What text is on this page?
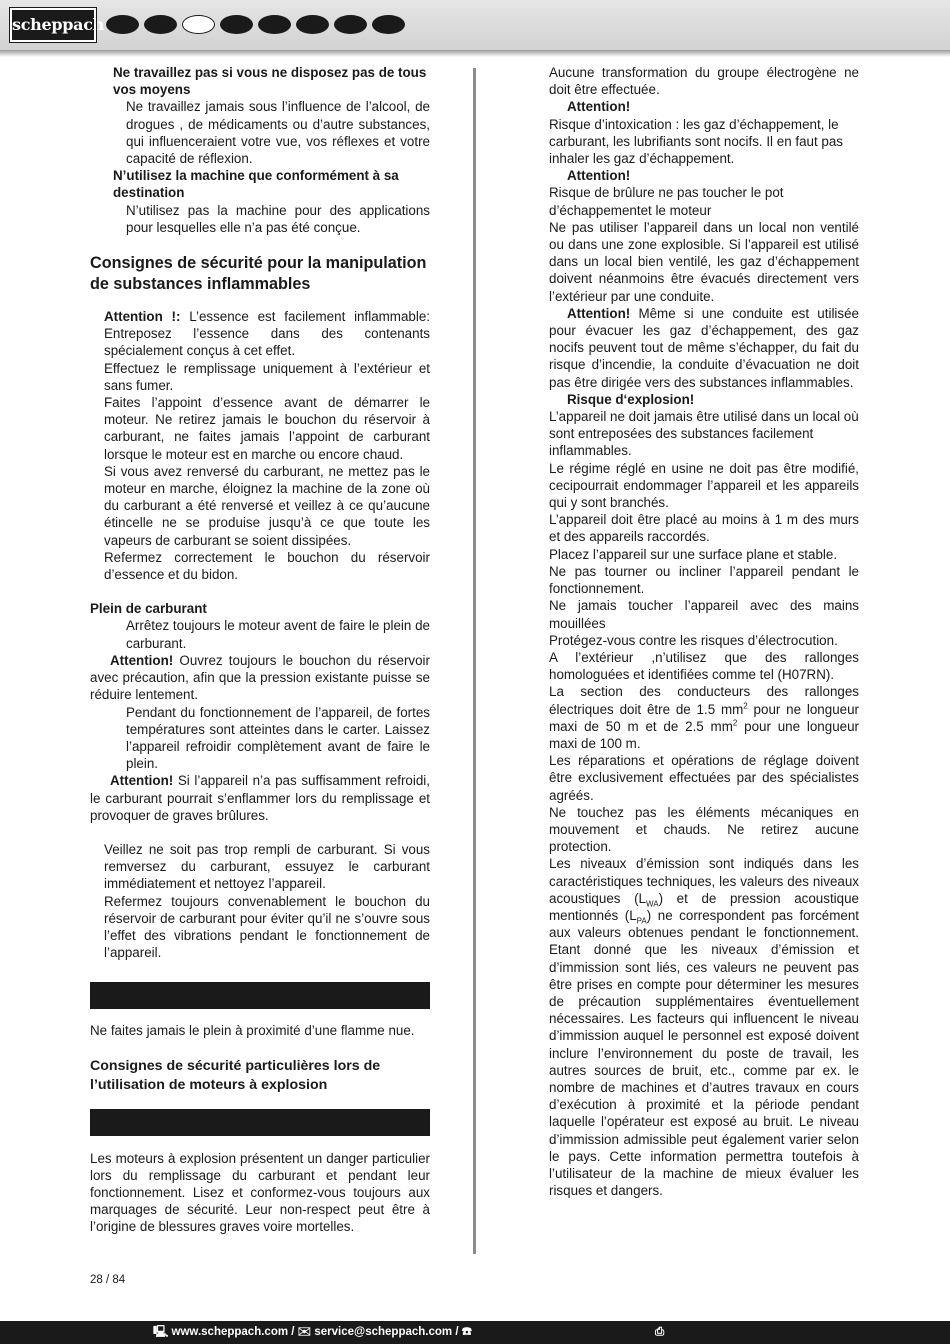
scheppach

Ne travaillez pas si vous ne disposez pas de tous vos moyens

Ne travaillez jamais sous l’influence de l’alcool, de drogues , de médicaments ou d’autre substances, qui influenceraient votre vue, vos réflexes et votre capacité de réflexion.

N’utilisez la machine que conformément à sa destination

N’utilisez pas la machine pour des applications pour lesquelles elle n’a pas été conçue.

Consignes de sécurité pour la manipulation de substances inflammables

Attention !: L’essence est facilement inflammable: Entreposez l’essence dans des contenants spécialement conçus à cet effet.

Effectuez le remplissage uniquement à l’extérieur et sans fumer.

Faites l’appoint d’essence avant de démarrer le moteur. Ne retirez jamais le bouchon du réservoir à carburant, ne faites jamais l’appoint de carburant lorsque le moteur est en marche ou encore chaud.

Si vous avez renversé du carburant, ne mettez pas le moteur en marche, éloignez la machine de la zone où du carburant a été renversé et veillez à ce qu’aucune étincelle ne se produise jusqu’à ce que toute les vapeurs de carburant se soient dissipées.

Refermez correctement le bouchon du réservoir d’essence et du bidon.

Plein de carburant

Arrêtez toujours le moteur avent de faire le plein de carburant.

Attention! Ouvrez toujours le bouchon du réservoir avec précaution, afin que la pression existante puisse se réduire lentement.

Pendant du fonctionnement de l’appareil, de fortes températures sont atteintes dans le carter. Laissez l’appareil refroidir complètement avant de faire le plein.

Attention! Si l’appareil n’a pas suffisamment refroidi, le carburant pourrait s’enflammer lors du remplissage et provoquer de graves brûlures.

Veillez ne soit pas trop rempli de carburant. Si vous remversez du carburant, essuyez le carburant immédiatement et nettoyez l’appareil.

Refermez toujours convenablement le bouchon du réservoir de carburant pour éviter qu’il ne s’ouvre sous l’effet des vibrations pendant le fonctionnement de l’appareil.

Ne faites jamais le plein à proximité d’une flamme nue.

Consignes de sécurité particulières lors de l’utilisation de moteurs à explosion

Les moteurs à explosion présentent un danger particulier lors du remplissage du carburant et pendant leur fonctionnement. Lisez et conformez-vous toujours aux marquages de sécurité. Leur non-respect peut être à l’origine de blessures graves voire mortelles.

Aucune transformation du groupe électrogène ne doit être effectuée.

Attention!

Risque d’intoxication : les gaz d’échappement, le carburant, les lubrifiants sont nocifs. Il en faut pas inhaler les gaz d’échappement.

Attention!

Risque de brûlure ne pas toucher le pot d’échappementet le moteur

Ne pas utiliser l’appareil dans un local non ventilé ou dans une zone explosible. Si l’appareil est utilisé dans un local bien ventilé, les gaz d’échappement doivent néanmoins être évacués directement vers l’extérieur par une conduite.

Attention! Même si une conduite est utilisée pour évacuer les gaz d’échappement, des gaz nocifs peuvent tout de même s’échapper, du fait du risque d’incendie, la conduite d’évacuation ne doit pas être dirigée vers des substances inflammables.

Risque d‘explosion!

L’appareil ne doit jamais être utilisé dans un local où sont entreposées des substances facilement inflammables.

Le régime réglé en usine ne doit pas être modifié, cecipourrait endommager l’appareil et les appareils qui y sont branchés.

L’appareil doit être placé au moins à 1 m des murs et des appareils raccordés.

Placez l’appareil sur une surface plane et stable.

Ne pas tourner ou incliner l’appareil pendant le fonctionnement.

Ne jamais toucher l’appareil avec des mains mouillées

Protégez-vous contre les risques d’électrocution.

A l’extérieur ,n’utilisez que des rallonges homologuées et identifiées comme tel (H07RN).

La section des conducteurs des rallonges électriques doit être de 1.5 $mm^2$ pour ne longueur maxi de 50 m et de 2.5 $mm^2$ pour une longueur maxi de 100 m.

Les réparations et opérations de réglage doivent être exclusivement effectuées par des spécialistes agréés.

Ne touchez pas les éléments mécaniques en mouvement et chauds. Ne retirez aucune protection.

Les niveaux d’émission sont indiqués dans les caractéristiques techniques, les valeurs des niveaux acoustiques $(L_{WA})$ et de pression acoustique mentionnés $(L_{PA})$ ne correspondent pas forcément aux valeurs obtenues pendant le fonctionnement. Etant donné que les niveaux d’émission et d’immission sont liés, ces valeurs ne peuvent pas être prises en compte pour déterminer les mesures de précaution supplémentaires éventuellement nécessaires. Les facteurs qui influencent le niveau d’immission auquel le personnel est exposé doivent inclure l’environnement du poste de travail, les autres sources de bruit, etc., comme par ex. le nombre de machines et d’autres travaux en cours d’exécution à proximité et la période pendant laquelle l’opérateur est exposé au bruit. Le niveau d’immission admissible peut également varier selon le pays. Cette information permettra toutefois à l’utilisateur de la machine de mieux évaluer les risques et dangers.

28 / 84
🖳 www.scheppach.com / ✉ service@scheppach.com / ☎	⎙
